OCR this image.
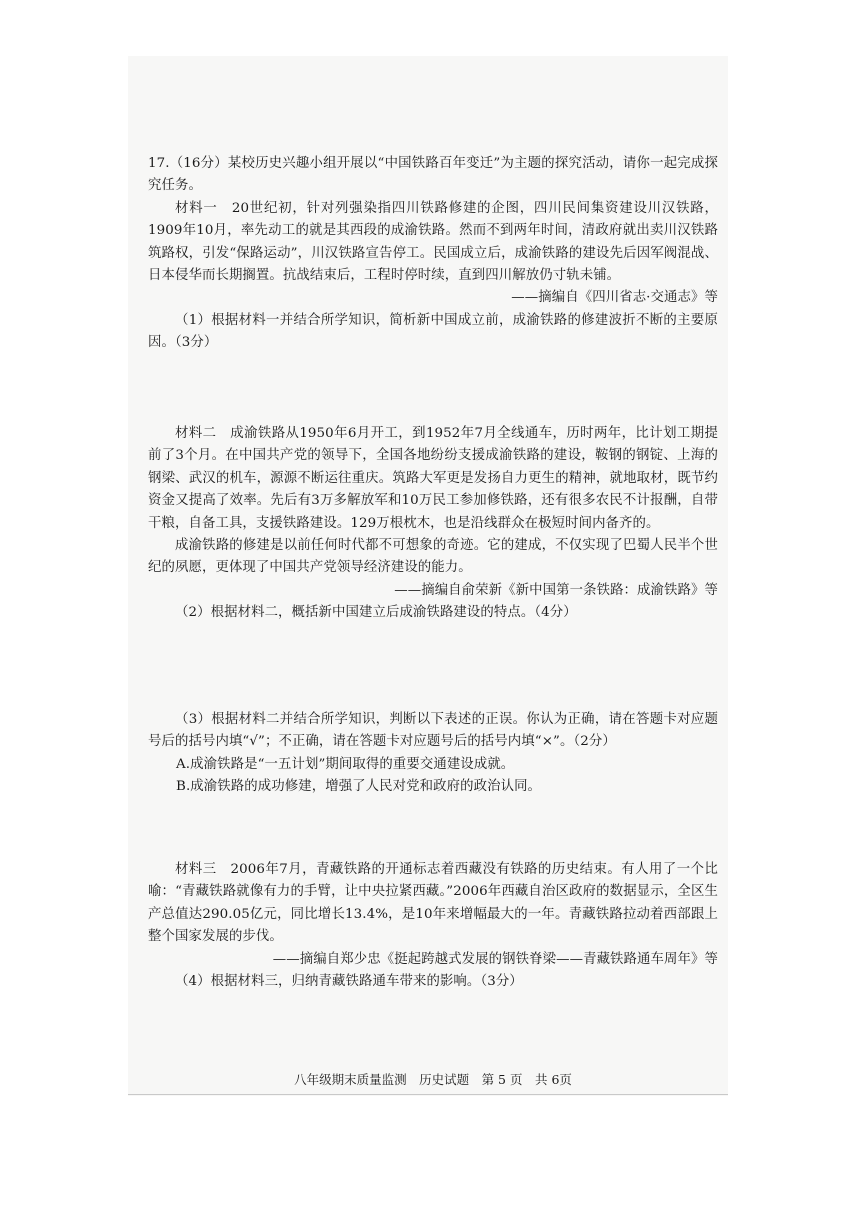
17.（16分）某校历史兴趣小组开展以“中国铁路百年变迁”为主题的探究活动，请你一起完成探究任务。

材料一　20世纪初，针对列强染指四川铁路修建的企图，四川民间集资建设川汉铁路，1909年10月，率先动工的就是其西段的成渝铁路。然而不到两年时间，清政府就出卖川汉铁路筑路权，引发“保路运动”，川汉铁路宣告停工。民国成立后，成渝铁路的建设先后因军阀混战、日本侵华而长期搁置。抗战结束后，工程时停时续，直到四川解放仍寸轨未铺。

——摘编自《四川省志·交通志》等

（1）根据材料一并结合所学知识，简析新中国成立前，成渝铁路的修建波折不断的主要原因。（3分）

材料二　成渝铁路从1950年6月开工，到1952年7月全线通车，历时两年，比计划工期提前了3个月。在中国共产党的领导下，全国各地纷纷支援成渝铁路的建设，鞍钢的钢锭、上海的钢梁、武汉的机车，源源不断运往重庆。筑路大军更是发扬自力更生的精神，就地取材，既节约资金又提高了效率。先后有3万多解放军和10万民工参加修铁路，还有很多农民不计报酬，自带干粮，自备工具，支援铁路建设。129万根枕木，也是沿线群众在极短时间内备齐的。

成渝铁路的修建是以前任何时代都不可想象的奇迹。它的建成，不仅实现了巴蜀人民半个世纪的夙愿，更体现了中国共产党领导经济建设的能力。

——摘编自俞荣新《新中国第一条铁路：成渝铁路》等

（2）根据材料二，概括新中国建立后成渝铁路建设的特点。（4分）

（3）根据材料二并结合所学知识，判断以下表述的正误。你认为正确，请在答题卡对应题号后的括号内填“√”；不正确，请在答题卡对应题号后的括号内填“×”。（2分）

A.成渝铁路是“一五计划”期间取得的重要交通建设成就。

B.成渝铁路的成功修建，增强了人民对党和政府的政治认同。

材料三　2006年7月，青藏铁路的开通标志着西藏没有铁路的历史结束。有人用了一个比喻：“青藏铁路就像有力的手臂，让中央拉紧西藏。”2006年西藏自治区政府的数据显示，全区生产总值达290.05亿元，同比增长13.4%，是10年来增幅最大的一年。青藏铁路拉动着西部跟上整个国家发展的步伐。

——摘编自郑少忠《挺起跨越式发展的钢铁脊梁——青藏铁路通车周年》等

（4）根据材料三，归纳青藏铁路通车带来的影响。（3分）

八年级期末质量监测　历史试题　第 5 页　共 6页
